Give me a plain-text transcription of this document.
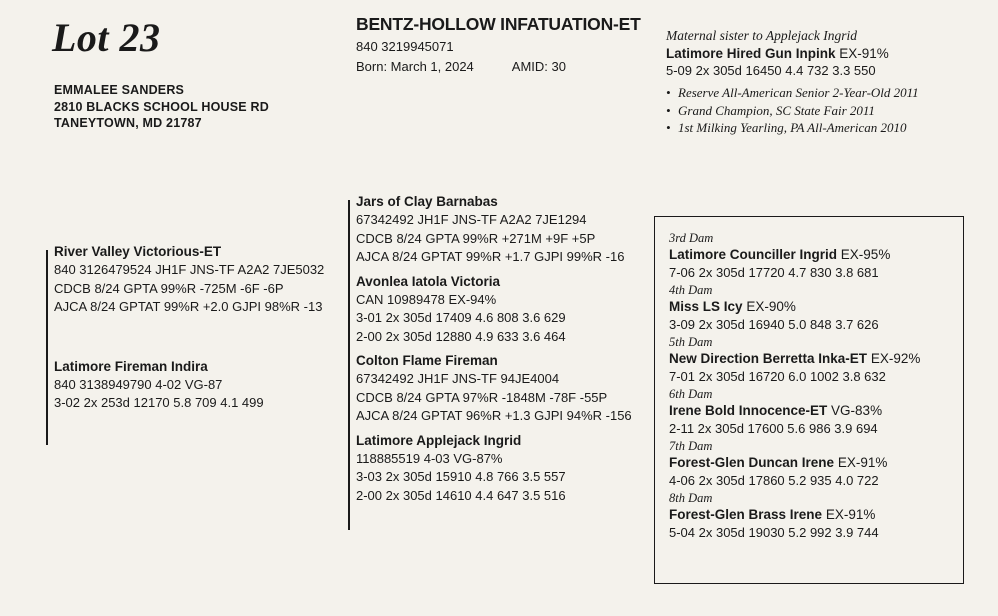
Lot 23
EMMALEE SANDERS
2810 BLACKS SCHOOL HOUSE RD
TANEYTOWN, MD 21787
BENTZ-HOLLOW INFATUATION-ET
840 3219945071
Born: March 1, 2024	AMID: 30
Maternal sister to Applejack Ingrid
Latimore Hired Gun Inpink EX-91%
5-09 2x 305d 16450 4.4 732 3.3 550
• Reserve All-American Senior 2-Year-Old 2011
• Grand Champion, SC State Fair 2011
• 1st Milking Yearling, PA All-American 2010
River Valley Victorious-ET
840 3126479524 JH1F JNS-TF A2A2 7JE5032
CDCB 8/24 GPTA 99%R -725M -6F -6P
AJCA 8/24 GPTAT 99%R +2.0 GJPI 98%R -13
Latimore Fireman Indira
840 3138949790 4-02 VG-87
3-02 2x 253d 12170 5.8 709 4.1 499
Jars of Clay Barnabas
67342492 JH1F JNS-TF A2A2 7JE1294
CDCB 8/24 GPTA 99%R +271M +9F +5P
AJCA 8/24 GPTAT 99%R +1.7 GJPI 99%R -16
Avonlea Iatola Victoria
CAN 10989478 EX-94%
3-01 2x 305d 17409 4.6 808 3.6 629
2-00 2x 305d 12880 4.9 633 3.6 464
Colton Flame Fireman
67342492 JH1F JNS-TF 94JE4004
CDCB 8/24 GPTA 97%R -1848M -78F -55P
AJCA 8/24 GPTAT 96%R +1.3 GJPI 94%R -156
Latimore Applejack Ingrid
118885519 4-03 VG-87%
3-03 2x 305d 15910 4.8 766 3.5 557
2-00 2x 305d 14610 4.4 647 3.5 516
3rd Dam
Latimore Counciller Ingrid EX-95%
7-06 2x 305d 17720 4.7 830 3.8 681
4th Dam
Miss LS Icy EX-90%
3-09 2x 305d 16940 5.0 848 3.7 626
5th Dam
New Direction Berretta Inka-ET EX-92%
7-01 2x 305d 16720 6.0 1002 3.8 632
6th Dam
Irene Bold Innocence-ET VG-83%
2-11 2x 305d 17600 5.6 986 3.9 694
7th Dam
Forest-Glen Duncan Irene EX-91%
4-06 2x 305d 17860 5.2 935 4.0 722
8th Dam
Forest-Glen Brass Irene EX-91%
5-04 2x 305d 19030 5.2 992 3.9 744
